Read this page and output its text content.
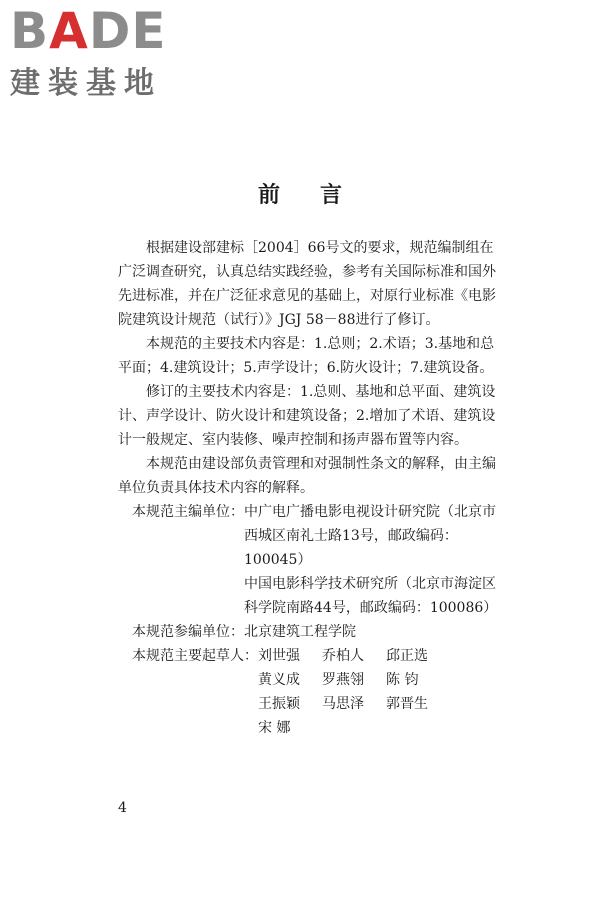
BADE
建装基地
前言

根据建设部建标［2004］66号文的要求，规范编制组在广泛调查研究，认真总结实践经验，参考有关国际标准和国外先进标准，并在广泛征求意见的基础上，对原行业标准《电影院建筑设计规范（试行）》JGJ 58－88进行了修订。

本规范的主要技术内容是：1.总则；2.术语；3.基地和总平面；4.建筑设计；5.声学设计；6.防火设计；7.建筑设备。

修订的主要技术内容是：1.总则、基地和总平面、建筑设计、声学设计、防火设计和建筑设备；2.增加了术语、建筑设计一般规定、室内装修、噪声控制和扬声器布置等内容。

本规范由建设部负责管理和对强制性条文的解释，由主编单位负责具体技术内容的解释。

本规范主编单位： 中广电广播电影电视设计研究院（北京市西城区南礼士路13号，邮政编码：100045）
中国电影科学技术研究所（北京市海淀区科学院南路44号，邮政编码：100086）
本规范参编单位： 北京建筑工程学院
本规范主要起草人： 刘世强	乔柏人	邱正选
黄义成	罗燕翎	陈 钧
王振颖	马思泽	郭晋生
宋 娜
4
